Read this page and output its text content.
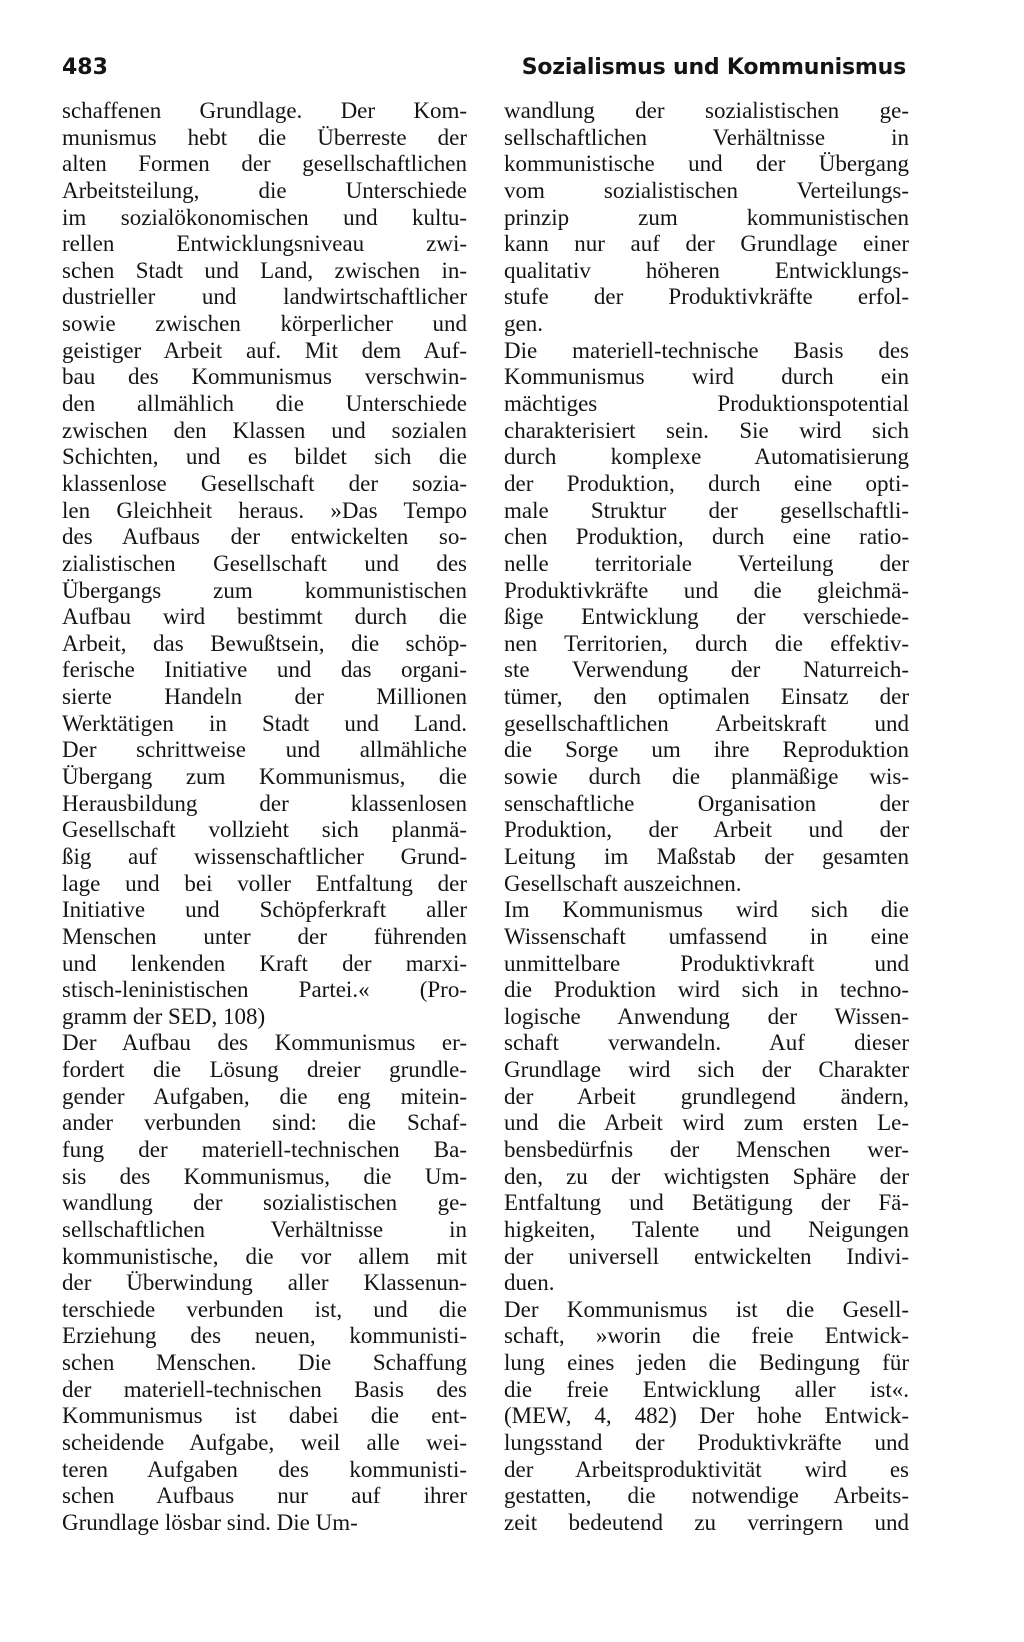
483	Sozialismus und Kommunismus
schaffenen Grundlage. Der Kom-
munismus hebt die Überreste der
alten Formen der gesellschaftlichen
Arbeitsteilung, die Unterschiede
im sozialökonomischen und kultu-
rellen Entwicklungsniveau zwi-
schen Stadt und Land, zwischen in-
dustrieller und landwirtschaftlicher
sowie zwischen körperlicher und
geistiger Arbeit auf. Mit dem Auf-
bau des Kommunismus verschwin-
den allmählich die Unterschiede
zwischen den Klassen und sozialen
Schichten, und es bildet sich die
klassenlose Gesellschaft der sozia-
len Gleichheit heraus. »Das Tempo
des Aufbaus der entwickelten so-
zialistischen Gesellschaft und des
Übergangs zum kommunistischen
Aufbau wird bestimmt durch die
Arbeit, das Bewußtsein, die schöp-
ferische Initiative und das organi-
sierte Handeln der Millionen
Werktätigen in Stadt und Land.
Der schrittweise und allmähliche
Übergang zum Kommunismus, die
Herausbildung der klassenlosen
Gesellschaft vollzieht sich planmä-
ßig auf wissenschaftlicher Grund-
lage und bei voller Entfaltung der
Initiative und Schöpferkraft aller
Menschen unter der führenden
und lenkenden Kraft der marxi-
stisch-leninistischen Partei.« (Pro-
gramm der SED, 108)
Der Aufbau des Kommunismus er-
fordert die Lösung dreier grundle-
gender Aufgaben, die eng mitein-
ander verbunden sind: die Schaf-
fung der materiell-technischen Ba-
sis des Kommunismus, die Um-
wandlung der sozialistischen ge-
sellschaftlichen Verhältnisse in
kommunistische, die vor allem mit
der Überwindung aller Klassenun-
terschiede verbunden ist, und die
Erziehung des neuen, kommunisti-
schen Menschen. Die Schaffung
der materiell-technischen Basis des
Kommunismus ist dabei die ent-
scheidende Aufgabe, weil alle wei-
teren Aufgaben des kommunisti-
schen Aufbaus nur auf ihrer
Grundlage lösbar sind. Die Um-
wandlung der sozialistischen ge-
sellschaftlichen Verhältnisse in
kommunistische und der Übergang
vom sozialistischen Verteilungs-
prinzip zum kommunistischen
kann nur auf der Grundlage einer
qualitativ höheren Entwicklungs-
stufe der Produktivkräfte erfol-
gen.
Die materiell-technische Basis des
Kommunismus wird durch ein
mächtiges Produktionspotential
charakterisiert sein. Sie wird sich
durch komplexe Automatisierung
der Produktion, durch eine opti-
male Struktur der gesellschaftli-
chen Produktion, durch eine ratio-
nelle territoriale Verteilung der
Produktivkräfte und die gleichmä-
ßige Entwicklung der verschiede-
nen Territorien, durch die effektiv-
ste Verwendung der Naturreich-
tümer, den optimalen Einsatz der
gesellschaftlichen Arbeitskraft und
die Sorge um ihre Reproduktion
sowie durch die planmäßige wis-
senschaftliche Organisation der
Produktion, der Arbeit und der
Leitung im Maßstab der gesamten
Gesellschaft auszeichnen.
Im Kommunismus wird sich die
Wissenschaft umfassend in eine
unmittelbare Produktivkraft und
die Produktion wird sich in techno-
logische Anwendung der Wissen-
schaft verwandeln. Auf dieser
Grundlage wird sich der Charakter
der Arbeit grundlegend ändern,
und die Arbeit wird zum ersten Le-
bensbedürfnis der Menschen wer-
den, zu der wichtigsten Sphäre der
Entfaltung und Betätigung der Fä-
higkeiten, Talente und Neigungen
der universell entwickelten Indivi-
duen.
Der Kommunismus ist die Gesell-
schaft, »worin die freie Entwick-
lung eines jeden die Bedingung für
die freie Entwicklung aller ist«.
(MEW, 4, 482) Der hohe Entwick-
lungsstand der Produktivkräfte und
der Arbeitsproduktivität wird es
gestatten, die notwendige Arbeits-
zeit bedeutend zu verringern und
